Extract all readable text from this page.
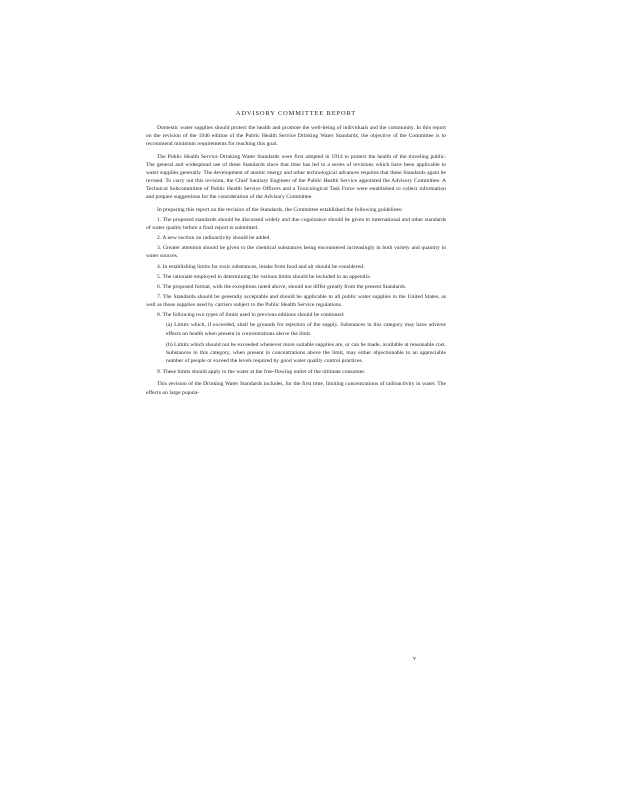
ADVISORY COMMITTEE REPORT

Domestic water supplies should protect the health and promote the well-being of individuals and the community. In this report on the revision of the 1946 edition of the Public Health Service Drinking Water Standards, the objective of the Committee is to recommend minimum requirements for reaching this goal.

The Public Health Service Drinking Water Standards were first adopted in 1914 to protect the health of the traveling public. The general and widespread use of these Standards since that time has led to a series of revisions which have been applicable to water supplies generally. The development of atomic energy and other technological advances requires that these Standards again be revised. To carry out this revision, the Chief Sanitary Engineer of the Public Health Service appointed the Advisory Committee. A Technical Subcommittee of Public Health Service Officers and a Toxicological Task Force were established to collect information and prepare suggestions for the consideration of the Advisory Committee.

In preparing this report on the revision of the Standards, the Committee established the following guidelines:

1. The proposed standards should be discussed widely and due cognizance should be given to international and other standards of water quality before a final report is submitted.

2. A new section on radioactivity should be added.

3. Greater attention should be given to the chemical substances being encountered increasingly in both variety and quantity in water sources.

4. In establishing limits for toxic substances, intake from food and air should be considered.

5. The rationale employed in determining the various limits should be included in an appendix.

6. The proposed format, with the exceptions noted above, should not differ greatly from the present Standards.

7. The Standards should be generally acceptable and should be applicable to all public water supplies in the United States, as well as those supplies used by carriers subject to the Public Health Service regulations.

8. The following two types of limits used in previous editions should be continued:

(a) Limits which, if exceeded, shall be grounds for rejection of the supply. Substances in this category may have adverse effects on health when present in concentrations above the limit.

(b) Limits which should not be exceeded whenever more suitable supplies are, or can be made, available at reasonable cost. Substances in this category, when present in concentrations above the limit, may either objectionable to an appreciable number of people or exceed the levels required by good water quality control practices.

9. These limits should apply to the water at the free-flowing outlet of the ultimate consumer.

This revision of the Drinking Water Standards includes, for the first time, limiting concentrations of radioactivity in water. The effects on large popula-

v
